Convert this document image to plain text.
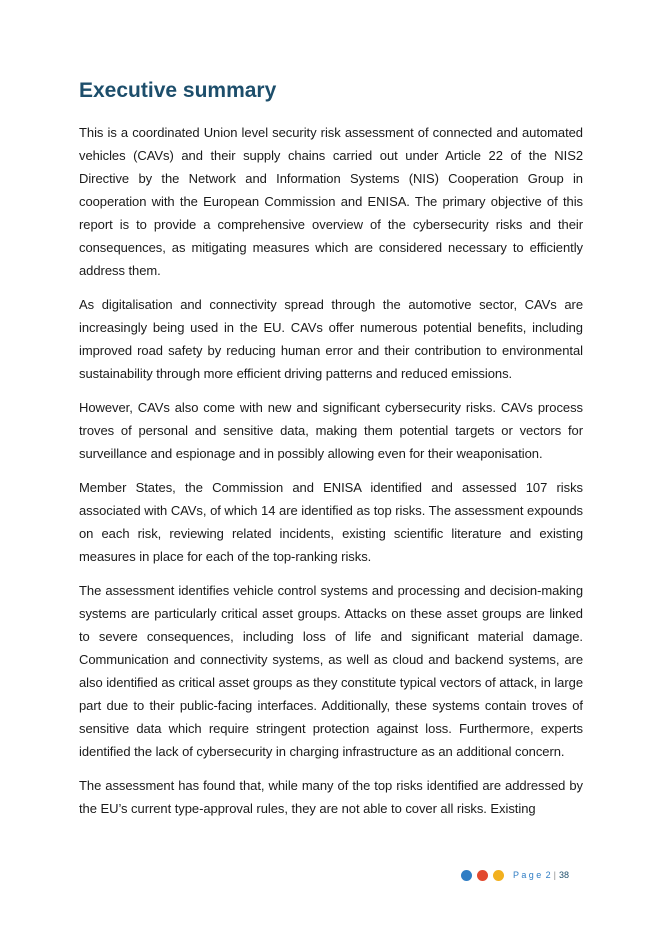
Executive summary

This is a coordinated Union level security risk assessment of connected and automated vehicles (CAVs) and their supply chains carried out under Article 22 of the NIS2 Directive by the Network and Information Systems (NIS) Cooperation Group in cooperation with the European Commission and ENISA. The primary objective of this report is to provide a comprehensive overview of the cybersecurity risks and their consequences, as mitigating measures which are considered necessary to efficiently address them.

As digitalisation and connectivity spread through the automotive sector, CAVs are increasingly being used in the EU. CAVs offer numerous potential benefits, including improved road safety by reducing human error and their contribution to environmental sustainability through more efficient driving patterns and reduced emissions.

However, CAVs also come with new and significant cybersecurity risks. CAVs process troves of personal and sensitive data, making them potential targets or vectors for surveillance and espionage and in possibly allowing even for their weaponisation.

Member States, the Commission and ENISA identified and assessed 107 risks associated with CAVs, of which 14 are identified as top risks. The assessment expounds on each risk, reviewing related incidents, existing scientific literature and existing measures in place for each of the top-ranking risks.

The assessment identifies vehicle control systems and processing and decision-making systems are particularly critical asset groups. Attacks on these asset groups are linked to severe consequences, including loss of life and significant material damage. Communication and connectivity systems, as well as cloud and backend systems, are also identified as critical asset groups as they constitute typical vectors of attack, in large part due to their public-facing interfaces. Additionally, these systems contain troves of sensitive data which require stringent protection against loss. Furthermore, experts identified the lack of cybersecurity in charging infrastructure as an additional concern.

The assessment has found that, while many of the top risks identified are addressed by the EU’s current type-approval rules, they are not able to cover all risks. Existing

Page 2 | 38
